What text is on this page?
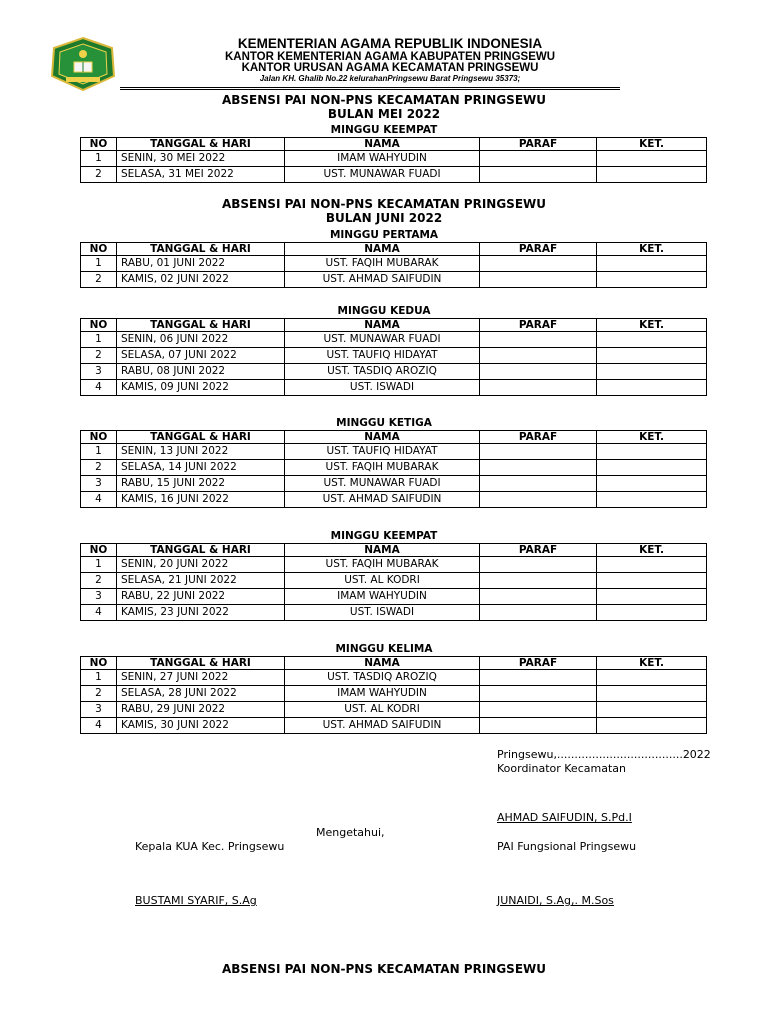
KEMENTERIAN AGAMA REPUBLIK INDONESIA
KANTOR KEMENTERIAN AGAMA KABUPATEN PRINGSEWU
KANTOR URUSAN AGAMA KECAMATAN PRINGSEWU
Jalan KH. Ghalib No.22 kelurahanPringsewu Barat Pringsewu 35373;
ABSENSI PAI NON-PNS KECAMATAN PRINGSEWU
BULAN MEI 2022
MINGGU KEEMPAT
NO	TANGGAL & HARI	NAMA	PARAF	KET.
1	SENIN, 30 MEI 2022	IMAM WAHYUDIN		
2	SELASA, 31 MEI 2022	UST. MUNAWAR FUADI		
ABSENSI PAI NON-PNS KECAMATAN PRINGSEWU
BULAN JUNI 2022
MINGGU PERTAMA
NO	TANGGAL & HARI	NAMA	PARAF	KET.
1	RABU, 01 JUNI 2022	UST. FAQIH MUBARAK		
2	KAMIS, 02 JUNI 2022	UST. AHMAD SAIFUDIN		
MINGGU KEDUA
NO	TANGGAL & HARI	NAMA	PARAF	KET.
1	SENIN, 06 JUNI 2022	UST. MUNAWAR FUADI		
2	SELASA, 07 JUNI 2022	UST. TAUFIQ HIDAYAT		
3	RABU, 08 JUNI 2022	UST. TASDIQ AROZIQ		
4	KAMIS, 09 JUNI 2022	UST. ISWADI		
MINGGU KETIGA
NO	TANGGAL & HARI	NAMA	PARAF	KET.
1	SENIN, 13 JUNI 2022	UST. TAUFIQ HIDAYAT		
2	SELASA, 14 JUNI 2022	UST. FAQIH MUBARAK		
3	RABU, 15 JUNI 2022	UST. MUNAWAR FUADI		
4	KAMIS, 16 JUNI 2022	UST. AHMAD SAIFUDIN		
MINGGU KEEMPAT
NO	TANGGAL & HARI	NAMA	PARAF	KET.
1	SENIN, 20 JUNI 2022	UST. FAQIH MUBARAK		
2	SELASA, 21 JUNI 2022	UST. AL KODRI		
3	RABU, 22 JUNI 2022	IMAM WAHYUDIN		
4	KAMIS, 23 JUNI 2022	UST. ISWADI		
MINGGU KELIMA
NO	TANGGAL & HARI	NAMA	PARAF	KET.
1	SENIN, 27 JUNI 2022	UST. TASDIQ AROZIQ		
2	SELASA, 28 JUNI 2022	IMAM WAHYUDIN		
3	RABU, 29 JUNI 2022	UST. AL KODRI		
4	KAMIS, 30 JUNI 2022	UST. AHMAD SAIFUDIN		
Pringsewu,....................................2022
Koordinator Kecamatan
AHMAD SAIFUDIN, S.Pd.I
Mengetahui,
Kepala KUA Kec. Pringsewu	PAI Fungsional Pringsewu
BUSTAMI SYARIF, S.Ag	JUNAIDI, S.Ag,. M.Sos
ABSENSI PAI NON-PNS KECAMATAN PRINGSEWU
